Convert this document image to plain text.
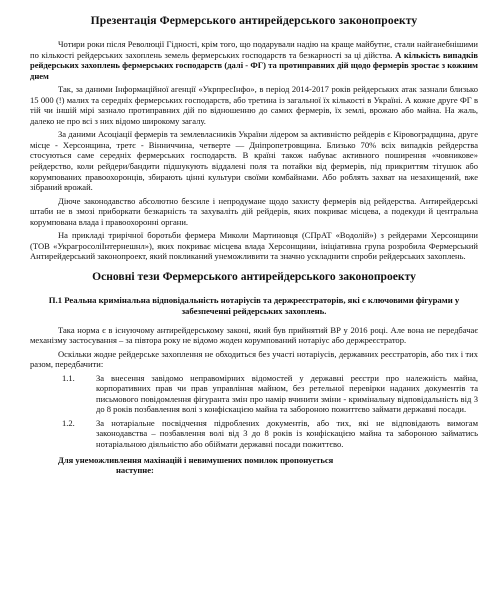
Презентація Фермерського антирейдерського законопроекту

Чотири роки після Революції Гідності, крім того, що подарували надію на краще майбутнє, стали найганебнішими по кількості рейдерських захоплень земель фермерських господарств та безкарності за ці дійства. А кількість випадків рейдерських захоплень фермерських господарств (далі - ФГ) та протиправних дій щодо фермерів зростає з кожним днем

Так, за даними Інформаційної агенції «УкрпресІнфо», в період 2014-2017 років рейдерських атак зазнали близько 15 000 (!) малих та середніх фермерських господарств, або третина із загальної їх кількості в Україні. А кожне друге ФГ в тій чи іншій мірі зазнало протиправних дій по відношенню до самих фермерів, їх землі, врожаю або майна. На жаль, далеко не про всі з них відомо широкому загалу.

За даними Асоціації фермерів та землевласників України лідером за активністю рейдерів є Кіровоградщина, друге місце - Херсонщина, третє - Вінниччина, четверте — Дніпропетровщина. Близько 70% всіх випадків рейдерства стосуються саме середніх фермерських господарств. В країні також набуває активного поширення «човникове» рейдерство, коли рейдери/бандити підшукують віддалені поля та потайки від фермерів, під прикриттям тітушок або корумпованих правоохоронців, збирають цінні культури своїми комбайнами. Або роблять захват на незахищений, вже зібраний врожай.

Діюче законодавство абсолютно безсиле і непродумане щодо захисту фермерів від рейдерства. Антирейдерські штаби не в змозі приборкати безкарність та захуваліть дій рейдерів, яких покриває місцева, а подекуди й центральна корумпована влада і правоохоронні органи.

На прикладі трирічної боротьби фермера Миколи Мартиновця (СПрАТ «Водолій») з рейдерами Херсонщини (ТОВ «УкрагросоліІнтернешнл»), яких покриває місцева влада Херсонщини, ініціативна група розробила Фермерський Антирейдерський законопроект, який покликаний унеможливити та значно ускладнити спроби рейдерських захоплень.

Основні тези Фермерського антирейдерського законопроекту

П.1 Реальна кримінальна відповідальність нотаріусів та держреєстраторів, які є ключовими фігурами у забезпеченні рейдерських захоплень.

Така норма є в існуючому антирейдерському законі, який був прийнятий ВР у 2016 році. Але вона не передбачає механізму застосування – за півтора року не відомо жоден корумпований нотаріус або держреєстратор.

Оскільки жодне рейдерське захоплення не обходиться без участі нотаріусів, державних реєстраторів, або тих і тих разом, передбачити:

1.1.	За внесення завідомо неправомірних відомостей у державні реєстри про належність майна, корпоративних прав чи прав управління майном, без ретельної перевірки наданих документів та письмового повідомлення фігуранта змін про намір вчинити зміни - кримінальну відповідальність від 3 до 8 років позбавлення волі з конфіскацією майна та забороною пожиттєво займати державні посади.
1.2.	За нотаріальне посвідчення підроблених документів, або тих, які не відповідають вимогам законодавства – позбавлення волі від 3 до 8 років із конфіскацією майна та забороною займатись нотаріальною діяльністю або обіймати державні посади пожиттєво.

Для унеможливлення махінацій і невимушених помилок пропонується

наступне:
